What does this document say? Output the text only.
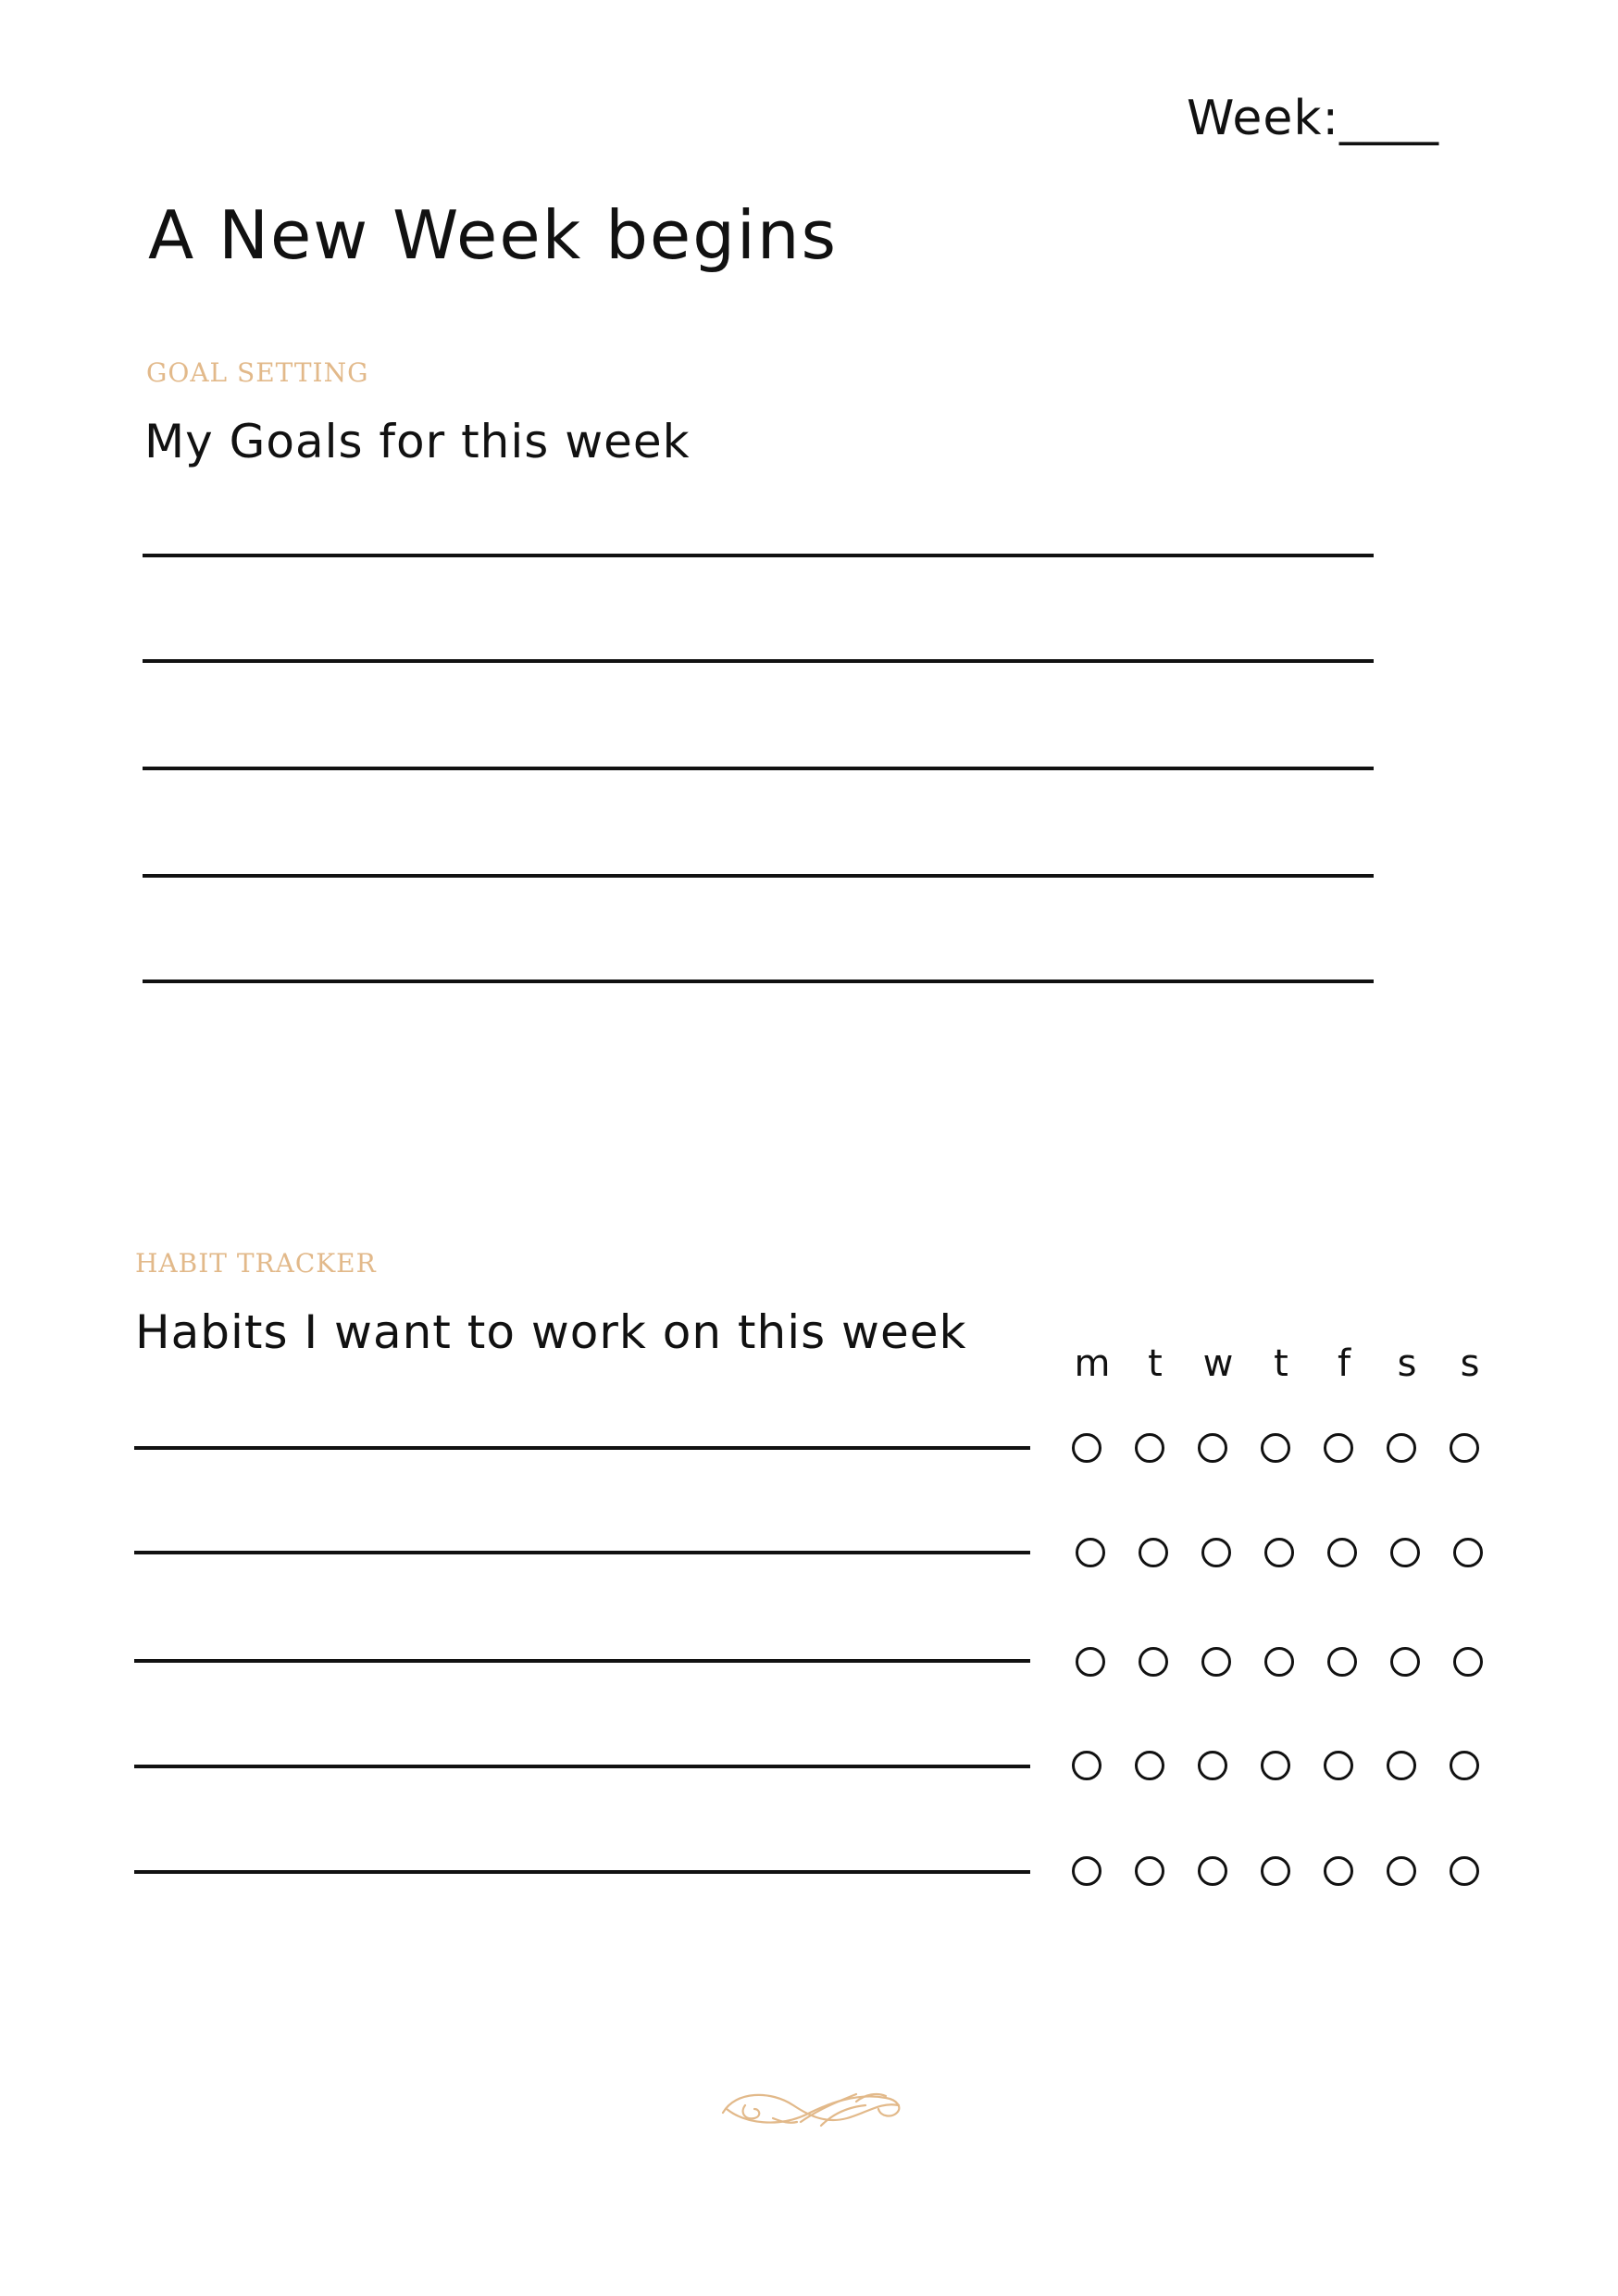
Week:____
A New Week begins
GOAL SETTING
My Goals for this week
HABIT TRACKER
Habits I want to work on this week
m	t	w	t	f	s s
